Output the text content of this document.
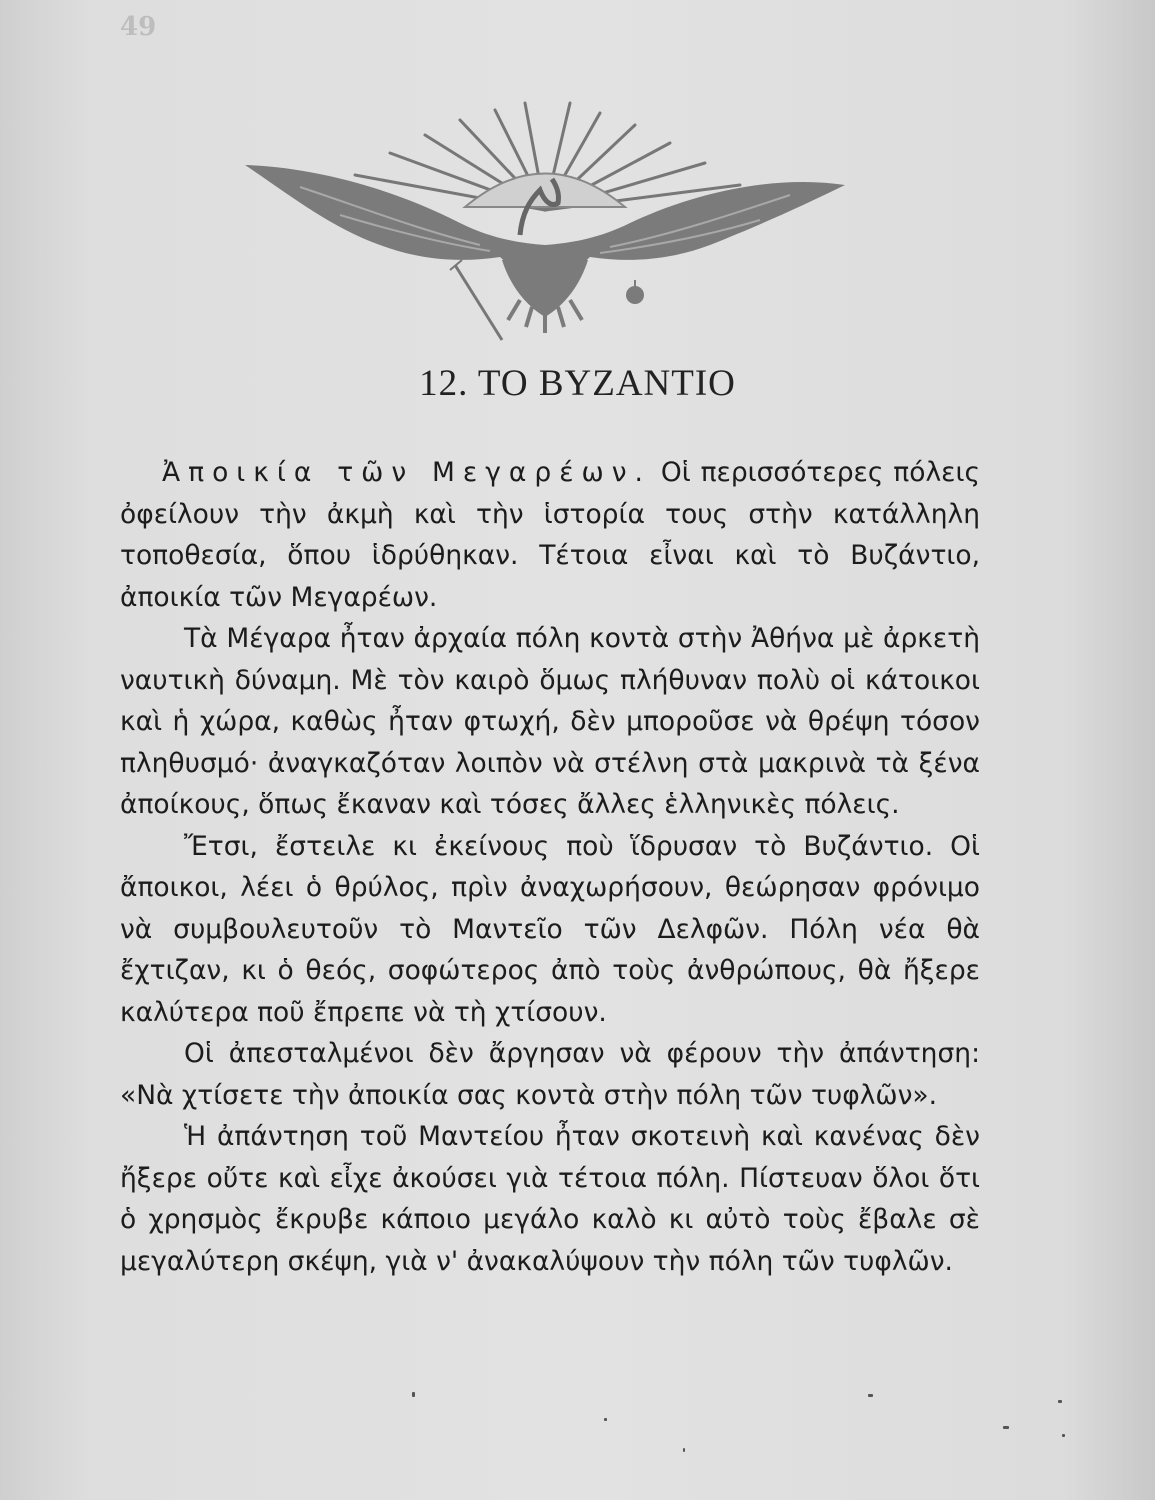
49
12. ΤΟ ΒΥΖΑΝΤΙΟ

Ἀποικία τῶν Μεγαρέων. Οἱ περισσότερες πόλεις ὀφείλουν τὴν ἀκμὴ καὶ τὴν ἱστορία τους στὴν κατάλληλη τοποθεσία, ὅπου ἱδρύθηκαν. Τέτοια εἶναι καὶ τὸ Βυζάντιο, ἀποικία τῶν Μεγαρέων.

Τὰ Μέγαρα ἦταν ἀρχαία πόλη κοντὰ στὴν Ἀθήνα μὲ ἀρκετὴ ναυτικὴ δύναμη. Μὲ τὸν καιρὸ ὅμως πλήθυναν πολὺ οἱ κάτοικοι καὶ ἡ χώρα, καθὼς ἦταν φτωχή, δὲν μποροῦσε νὰ θρέψη τόσον πληθυσμό· ἀναγκαζόταν λοιπὸν νὰ στέλνη στὰ μακρινὰ τὰ ξένα ἀποίκους, ὅπως ἔκαναν καὶ τόσες ἄλλες ἑλληνικὲς πόλεις.

Ἔτσι, ἔστειλε κι ἐκείνους ποὺ ἵδρυσαν τὸ Βυζάντιο. Οἱ ἄποικοι, λέει ὁ θρύλος, πρὶν ἀναχωρήσουν, θεώρησαν φρόνιμο νὰ συμβουλευτοῦν τὸ Μαντεῖο τῶν Δελφῶν. Πόλη νέα θὰ ἔχτιζαν, κι ὁ θεός, σοφώτερος ἀπὸ τοὺς ἀνθρώπους, θὰ ἤξερε καλύτερα ποῦ ἔπρεπε νὰ τὴ χτίσουν.

Οἱ ἀπεσταλμένοι δὲν ἄργησαν νὰ φέρουν τὴν ἀπάντηση: «Νὰ χτίσετε τὴν ἀποικία σας κοντὰ στὴν πόλη τῶν τυφλῶν».

Ἡ ἀπάντηση τοῦ Μαντείου ἦταν σκοτεινὴ καὶ κανένας δὲν ἤξερε οὔτε καὶ εἶχε ἀκούσει γιὰ τέτοια πόλη. Πίστευαν ὅλοι ὅτι ὁ χρησμὸς ἔκρυβε κάποιο μεγάλο καλὸ κι αὐτὸ τοὺς ἔβαλε σὲ μεγαλύτερη σκέψη, γιὰ ν' ἀνακαλύψουν τὴν πόλη τῶν τυφλῶν.
